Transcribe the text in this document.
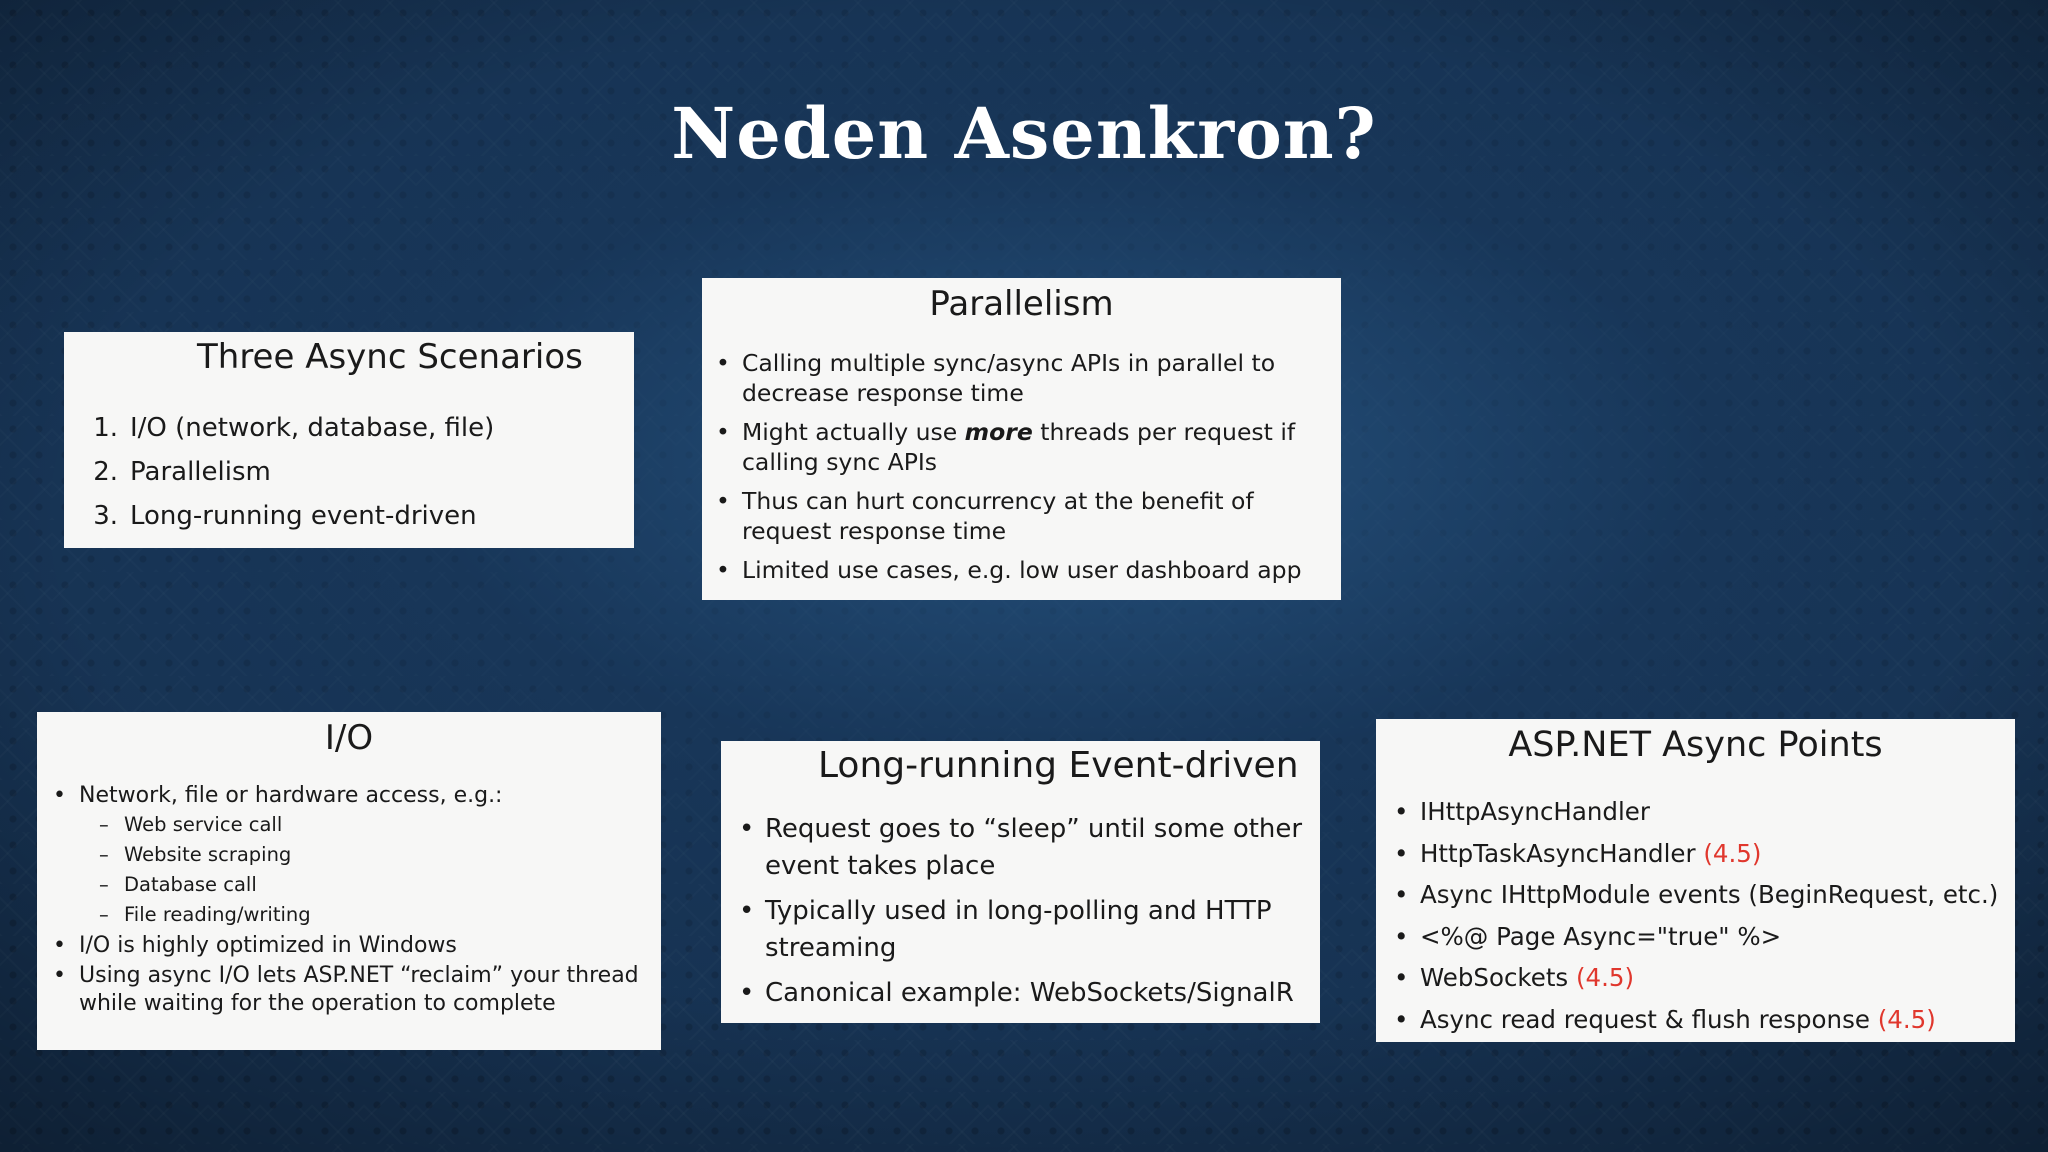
Neden Asenkron?
Three Async Scenarios
1. I/O (network, database, file)
2. Parallelism
3. Long-running event-driven
Parallelism
• Calling multiple sync/async APIs in parallel to decrease response time
• Might actually use more threads per request if calling sync APIs
• Thus can hurt concurrency at the benefit of request response time
• Limited use cases, e.g. low user dashboard app
I/O
• Network, file or hardware access, e.g.:
– Web service call
– Website scraping
– Database call
– File reading/writing
• I/O is highly optimized in Windows
• Using async I/O lets ASP.NET “reclaim” your thread while waiting for the operation to complete
Long-running Event-driven
• Request goes to “sleep” until some other event takes place
• Typically used in long-polling and HTTP streaming
• Canonical example: WebSockets/SignalR
ASP.NET Async Points
• IHttpAsyncHandler
• HttpTaskAsyncHandler (4.5)
• Async IHttpModule events (BeginRequest, etc.)
• <%@ Page Async="true" %>
• WebSockets (4.5)
• Async read request & flush response (4.5)
